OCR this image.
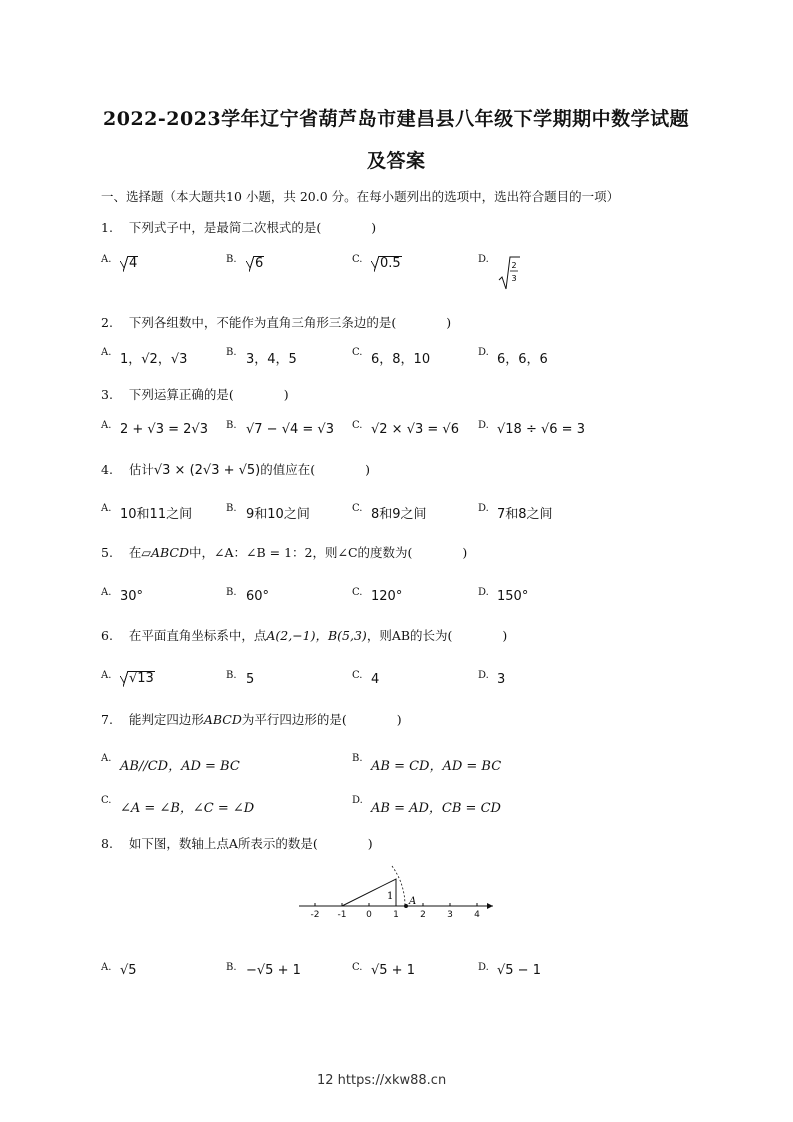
2022-2023学年辽宁省葫芦岛市建昌县八年级下学期期中数学试题
及答案
一、选择题（本大题共10 小题，共 20.0 分。在每小题列出的选项中，选出符合题目的一项）
1. 下列式子中，是最简二次根式的是(　　　　)
A.	4	B.	6	C.	0.5	D.
2
3
2. 下列各组数中，不能作为直角三角形三条边的是(　　　　)
A. 1，√2，√3	B. 3，4，5	C. 6，8，10	D. 6，6，6
3. 下列运算正确的是(　　　　)
A. 2 + √3 = 2√3 B. √7 − √4 = √3 C. √2 × √3 = √6 D. √18 ÷ √6 = 3
4. 估计√3 × (2√3 + √5)的值应在(　　　　)
A. 10和11之间	B. 9和10之间	C. 8和9之间	D. 7和8之间
5. 在▱ABCD中，∠A：∠B = 1：2，则∠C的度数为(　　　　)
A. 30°	B. 60°	C. 120°	D. 150°
6. 在平面直角坐标系中，点A(2,−1)，B(5,3)，则AB的长为(　　　　)
A.	√13	B. 5	C. 4	D. 3
7. 能判定四边形ABCD为平行四边形的是(　　　　)
A.
AB//CD，AD = BC
B.
AB = CD，AD = BC
C.
∠A = ∠B，∠C = ∠D
D.
AB = AD，CB = CD
8. 如下图，数轴上点A所表示的数是(　　　　)
-2 -1 0 1 2 3 4
1 A
A. √5	B. −√5 + 1	C. √5 + 1	D. √5 − 1
12 https://xkw88.cn
